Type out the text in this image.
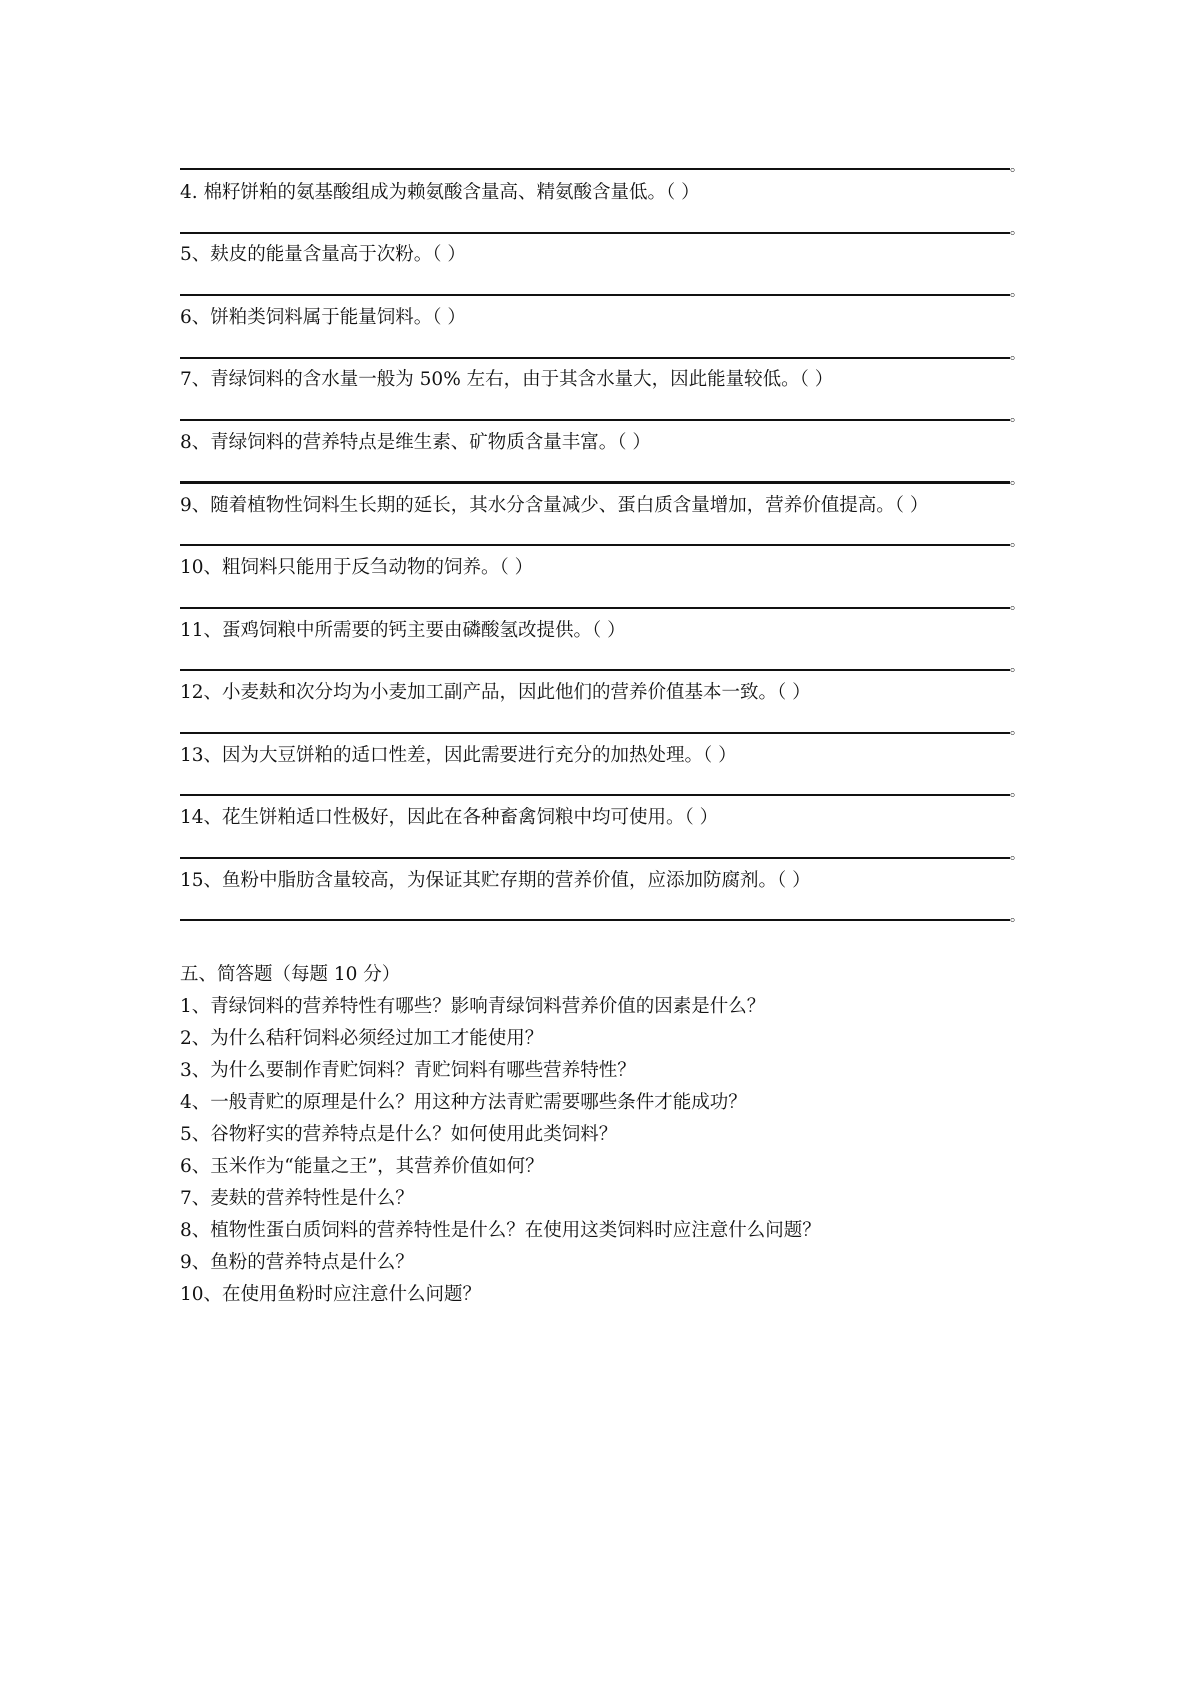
。
4. 棉籽饼粕的氨基酸组成为赖氨酸含量高、精氨酸含量低。（ ）
。
5、麸皮的能量含量高于次粉。（ ）
。
6、饼粕类饲料属于能量饲料。（ ）
。
7、青绿饲料的含水量一般为 50% 左右，由于其含水量大，因此能量较低。（ ）
。
8、青绿饲料的营养特点是维生素、矿物质含量丰富。（ ）
。
9、随着植物性饲料生长期的延长，其水分含量减少、蛋白质含量增加，营养价值提高。（ ）
。
10、粗饲料只能用于反刍动物的饲养。（ ）
。
11、蛋鸡饲粮中所需要的钙主要由磷酸氢改提供。（ ）
。
12、小麦麸和次分均为小麦加工副产品，因此他们的营养价值基本一致。（ ）
。
13、因为大豆饼粕的适口性差，因此需要进行充分的加热处理。（ ）
。
14、花生饼粕适口性极好，因此在各种畜禽饲粮中均可使用。（ ）
。
15、鱼粉中脂肪含量较高，为保证其贮存期的营养价值，应添加防腐剂。（ ）
。
五、简答题（每题 10 分）
1、青绿饲料的营养特性有哪些？影响青绿饲料营养价值的因素是什么？
2、为什么秸秆饲料必须经过加工才能使用？
3、为什么要制作青贮饲料？青贮饲料有哪些营养特性？
4、一般青贮的原理是什么？用这种方法青贮需要哪些条件才能成功？
5、谷物籽实的营养特点是什么？如何使用此类饲料？
6、玉米作为“能量之王”，其营养价值如何？
7、麦麸的营养特性是什么？
8、植物性蛋白质饲料的营养特性是什么？在使用这类饲料时应注意什么问题？
9、鱼粉的营养特点是什么？
10、在使用鱼粉时应注意什么问题？
